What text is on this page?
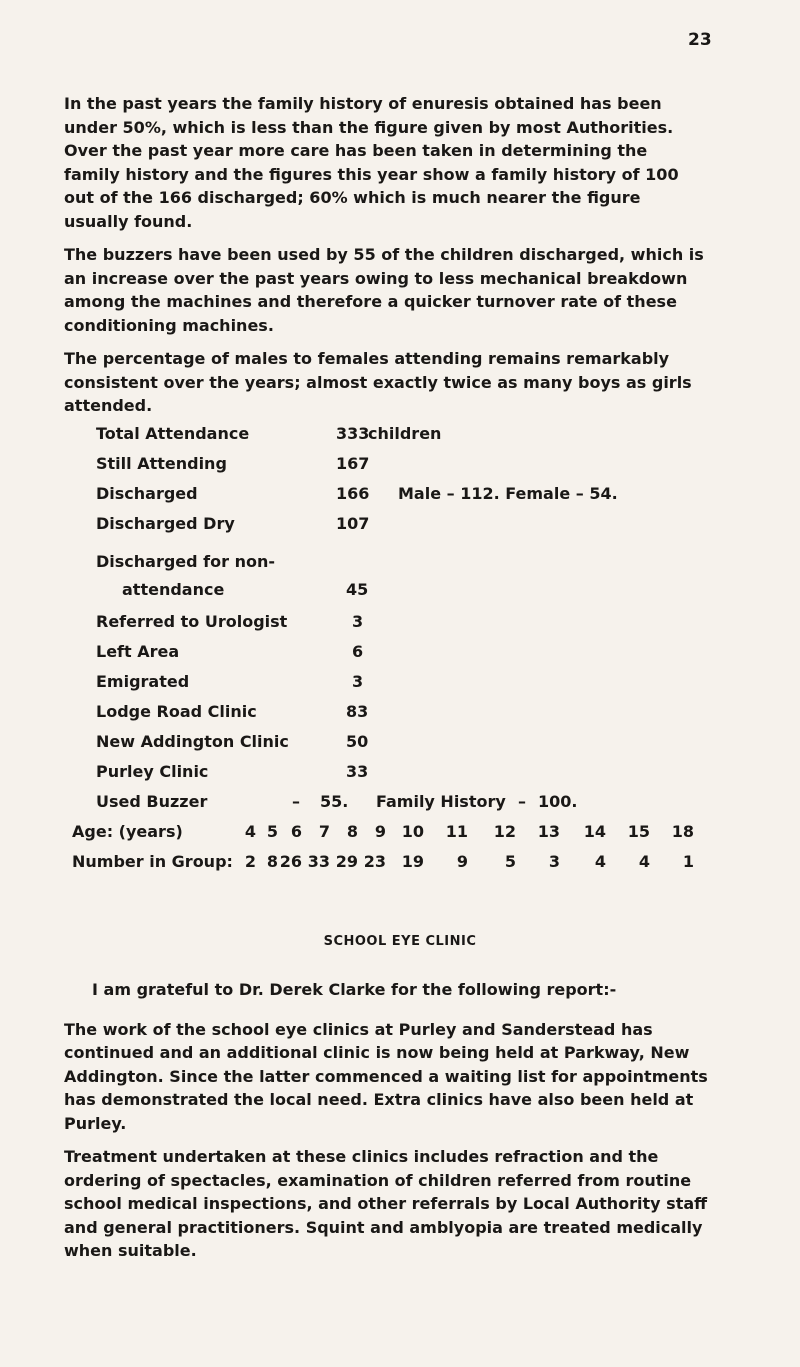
23

In the past years the family history of enuresis obtained has been under 50%, which is less than the figure given by most Authorities. Over the past year more care has been taken in determining the family history and the figures this year show a family history of 100 out of the 166 discharged; 60% which is much nearer the figure usually found.

The buzzers have been used by 55 of the children discharged, which is an increase over the past years owing to less mechanical breakdown among the machines and therefore a quicker turnover rate of these conditioning machines.

The percentage of males to females attending remains remarkably consistent over the years; almost exactly twice as many boys as girls attended.

Total Attendance	333
children
Still Attending	167
Discharged	166	Male – 112. Female – 54.
Discharged Dry	107
Discharged for non-
attendance	45
Referred to Urologist	3
Left Area	6
Emigrated	3
Lodge Road Clinic	83
New Addington Clinic	50
Purley Clinic	33
Used Buzzer	– 55. Family History – 100.
Age: (years)	4 5 6	7	8	9 10	11	12	13	14	15	18
Number in Group: 2 8 26 33 29 23 19	9	5	3	4	4	1
SCHOOL EYE CLINIC

I am grateful to Dr. Derek Clarke for the following report:-

The work of the school eye clinics at Purley and Sanderstead has continued and an additional clinic is now being held at Parkway, New Addington. Since the latter commenced a waiting list for appointments has demonstrated the local need. Extra clinics have also been held at Purley.

Treatment undertaken at these clinics includes refraction and the ordering of spectacles, examination of children referred from routine school medical inspections, and other referrals by Local Authority staff and general practitioners. Squint and amblyopia are treated medically when suitable.
